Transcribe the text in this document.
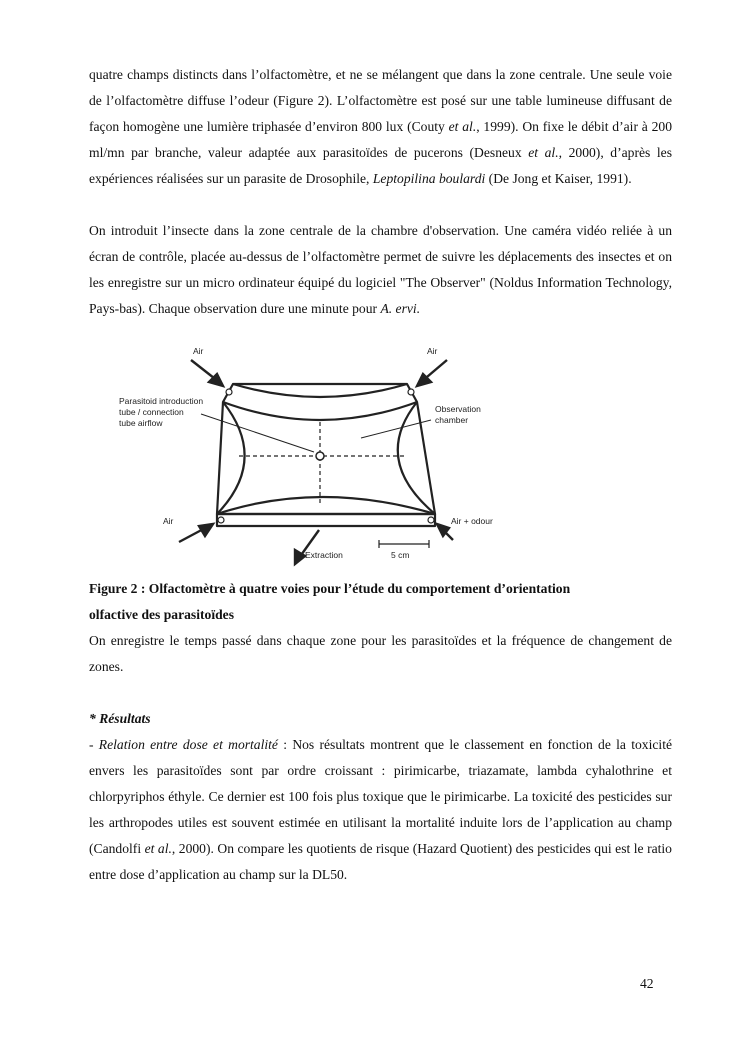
quatre champs distincts dans l’olfactomètre, et ne se mélangent que dans la zone centrale. Une seule voie de l’olfactomètre diffuse l’odeur (Figure 2). L’olfactomètre est posé sur une table lumineuse diffusant de façon homogène une lumière triphasée d’environ 800 lux (Couty et al., 1999). On fixe le débit d’air à 200 ml/mn par branche, valeur adaptée aux parasitoïdes de pucerons (Desneux et al., 2000), d’après les expériences réalisées sur un parasite de Drosophile, Leptopilina boulardi (De Jong et Kaiser, 1991).

On introduit l’insecte dans la zone centrale de la chambre d'observation. Une caméra vidéo reliée à un écran de contrôle, placée au-dessus de l’olfactomètre permet de suivre les déplacements des insectes et on les enregistre sur un micro ordinateur équipé du logiciel "The Observer" (Noldus Information Technology, Pays-bas). Chaque observation dure une minute pour A. ervi.

Air	Air
Parasitoid introduction
tube / connection
tube airflow
Observation
chamber
Air	Air + odour
Extraction	5 cm

Figure 2 : Olfactomètre à quatre voies pour l’étude du comportement d’orientation
olfactive des parasitoïdes

On enregistre le temps passé dans chaque zone pour les parasitoïdes et la fréquence de changement de zones.

* Résultats

- Relation entre dose et mortalité : Nos résultats montrent que le classement en fonction de la toxicité envers les parasitoïdes sont par ordre croissant : pirimicarbe, triazamate, lambda cyhalothrine et chlorpyriphos éthyle. Ce dernier est 100 fois plus toxique que le pirimicarbe. La toxicité des pesticides sur les arthropodes utiles est souvent estimée en utilisant la mortalité induite lors de l’application au champ (Candolfi et al., 2000). On compare les quotients de risque (Hazard Quotient) des pesticides qui est le ratio entre dose d’application au champ sur la DL50.

42
